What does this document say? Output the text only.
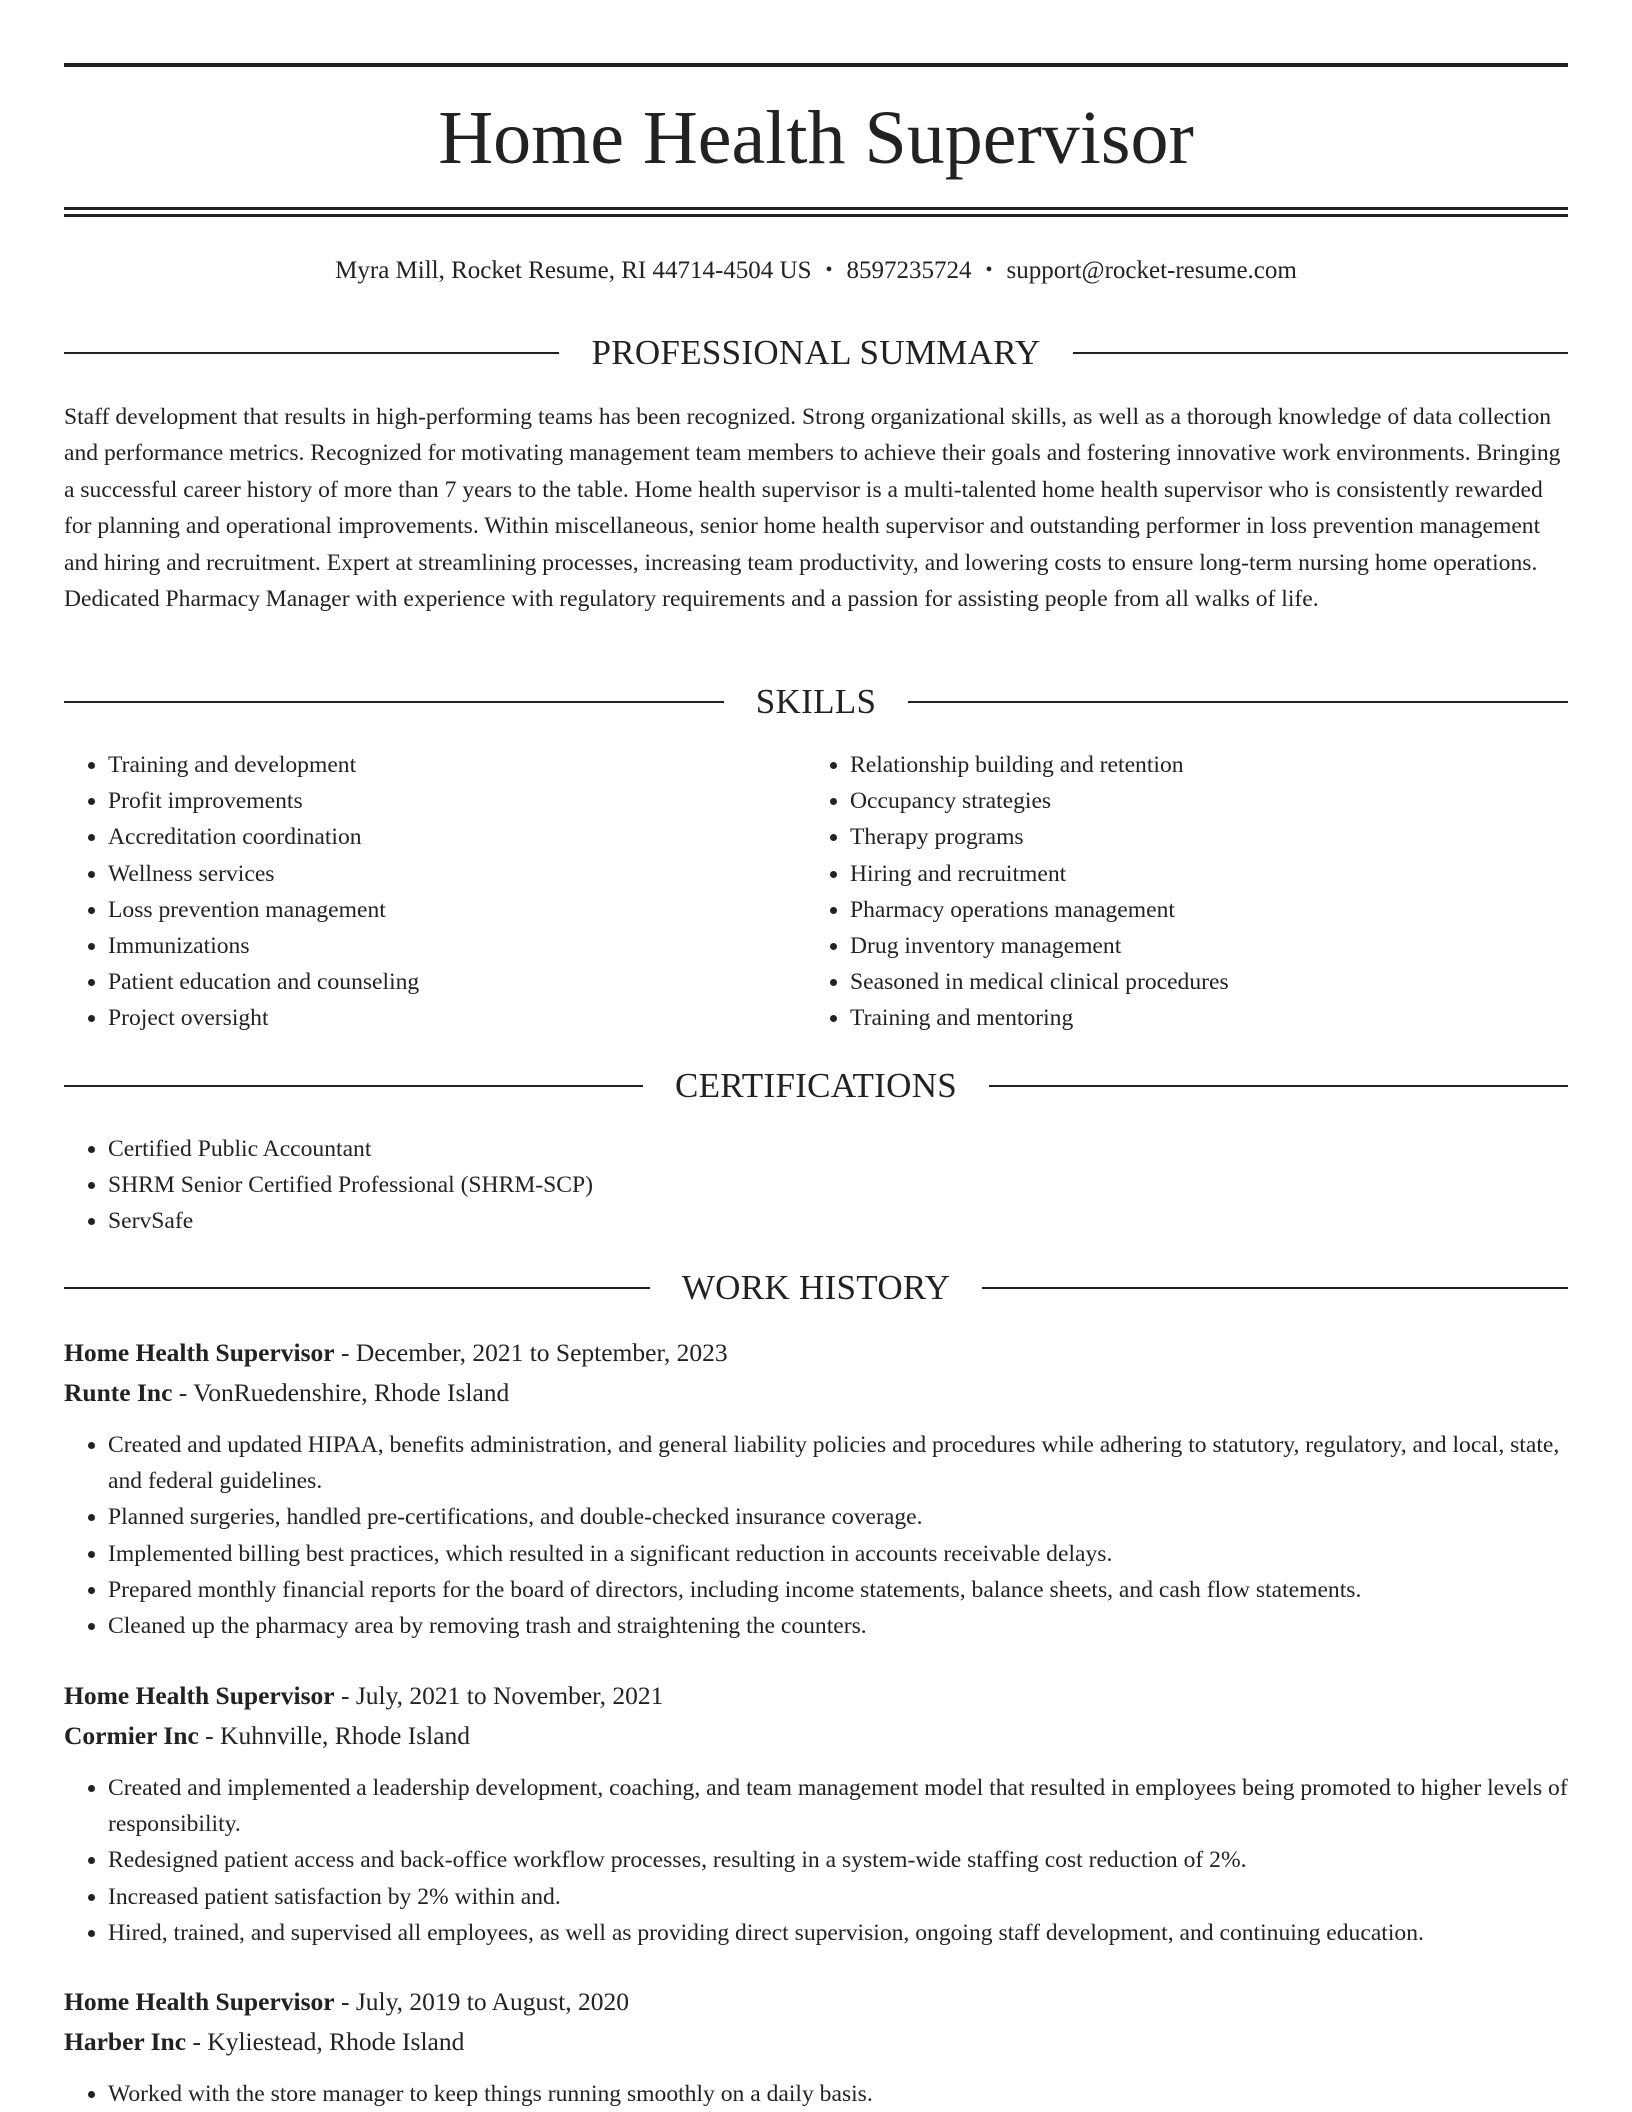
Home Health Supervisor
Myra Mill, Rocket Resume, RI 44714-4504 US • 8597235724 • support@rocket-resume.com
PROFESSIONAL SUMMARY

Staff development that results in high-performing teams has been recognized. Strong organizational skills, as well as a thorough knowledge of data collection and performance metrics. Recognized for motivating management team members to achieve their goals and fostering innovative work environments. Bringing a successful career history of more than 7 years to the table. Home health supervisor is a multi-talented home health supervisor who is consistently rewarded for planning and operational improvements. Within miscellaneous, senior home health supervisor and outstanding performer in loss prevention management and hiring and recruitment. Expert at streamlining processes, increasing team productivity, and lowering costs to ensure long-term nursing home operations. Dedicated Pharmacy Manager with experience with regulatory requirements and a passion for assisting people from all walks of life.

SKILLS
• Training and development
• Profit improvements
• Accreditation coordination
• Wellness services
• Loss prevention management
• Immunizations
• Patient education and counseling
• Project oversight
• Relationship building and retention
• Occupancy strategies
• Therapy programs
• Hiring and recruitment
• Pharmacy operations management
• Drug inventory management
• Seasoned in medical clinical procedures
• Training and mentoring
CERTIFICATIONS
• Certified Public Accountant
• SHRM Senior Certified Professional (SHRM-SCP)
• ServSafe
WORK HISTORY
Home Health Supervisor - December, 2021 to September, 2023
Runte Inc - VonRuedenshire, Rhode Island
• Created and updated HIPAA, benefits administration, and general liability policies and procedures while adhering to statutory, regulatory, and local, state, and federal guidelines.
• Planned surgeries, handled pre-certifications, and double-checked insurance coverage.
• Implemented billing best practices, which resulted in a significant reduction in accounts receivable delays.
• Prepared monthly financial reports for the board of directors, including income statements, balance sheets, and cash flow statements.
• Cleaned up the pharmacy area by removing trash and straightening the counters.
Home Health Supervisor - July, 2021 to November, 2021
Cormier Inc - Kuhnville, Rhode Island
• Created and implemented a leadership development, coaching, and team management model that resulted in employees being promoted to higher levels of responsibility.
• Redesigned patient access and back-office workflow processes, resulting in a system-wide staffing cost reduction of 2%.
• Increased patient satisfaction by 2% within and.
• Hired, trained, and supervised all employees, as well as providing direct supervision, ongoing staff development, and continuing education.
Home Health Supervisor - July, 2019 to August, 2020
Harber Inc - Kyliestead, Rhode Island
• Worked with the store manager to keep things running smoothly on a daily basis.
